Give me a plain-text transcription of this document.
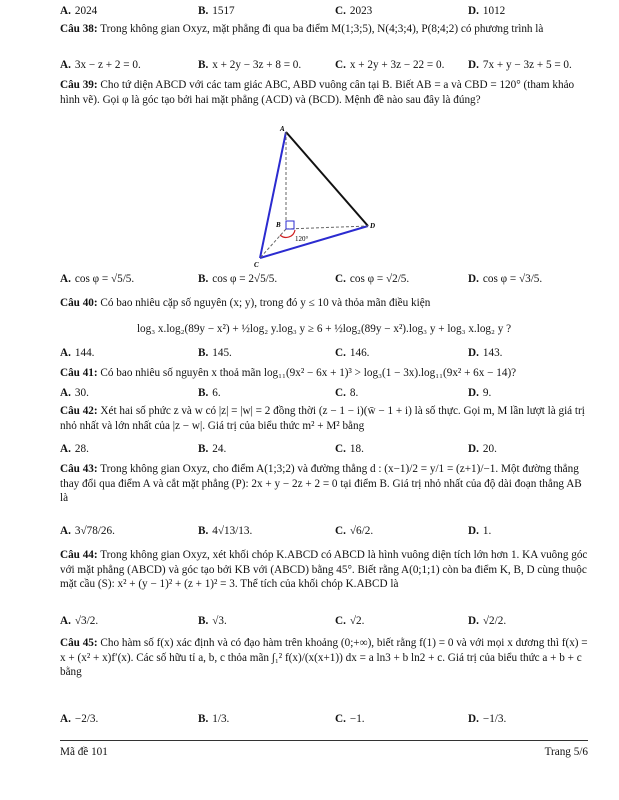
A. 2024	B. 1517	C. 2023	D. 1012
Câu 38: Trong không gian Oxyz, mặt phẳng đi qua ba điểm M(1;3;5), N(4;3;4), P(8;4;2) có phương trình là
A. 3x − z + 2 = 0.	B. x + 2y − 3z + 8 = 0.	C. x + 2y + 3z − 22 = 0. D. 7x + y − 3z + 5 = 0.
Câu 39: Cho tứ diện ABCD với các tam giác ABC, ABD vuông cân tại B. Biết AB = a và CBD = 120° (tham khảo hình vẽ). Gọi φ là góc tạo bởi hai mặt phẳng (ACD) và (BCD). Mệnh đề nào sau đây là đúng?
A
B
C
D
120°
A. cos φ = √5/5.	B. cos φ = 2√5/5.	C. cos φ = √2/5.	D. cos φ = √3/5.
Câu 40: Có bao nhiêu cặp số nguyên (x; y), trong đó y ≤ 10 và thỏa mãn điều kiện
log₃ x.log₂(89y − x²) + ½log₂ y.log₃ y ≥ 6 + ½log₂(89y − x²).log₃ y + log₃ x.log₂ y ?
A. 144.	B. 145.	C. 146.	D. 143.
Câu 41: Có bao nhiêu số nguyên x thoả mãn log₁₁(9x² − 6x + 1)³ > log₃(1 − 3x).log₁₁(9x² + 6x − 14)?
A. 30.	B. 6.	C. 8.	D. 9.
Câu 42: Xét hai số phức z và w có |z| = |w| = 2 đồng thời (z − 1 − i)(w̄ − 1 + i) là số thực. Gọi m, M lần lượt là giá trị nhỏ nhất và lớn nhất của |z − w|. Giá trị của biểu thức m² + M² bằng
A. 28.	B. 24.	C. 18.	D. 20.
Câu 43: Trong không gian Oxyz, cho điểm A(1;3;2) và đường thẳng d : (x−1)/2 = y/1 = (z+1)/−1. Một đường thẳng thay đổi qua điểm A và cắt mặt phẳng (P): 2x + y − 2z + 2 = 0 tại điểm B. Giá trị nhỏ nhất của độ dài đoạn thẳng AB là
A. 3√78/26.	B. 4√13/13.	C. √6/2.	D. 1.
Câu 44: Trong không gian Oxyz, xét khối chóp K.ABCD có ABCD là hình vuông diện tích lớn hơn 1. KA vuông góc với mặt phẳng (ABCD) và góc tạo bởi KB với (ABCD) bằng 45°. Biết rằng A(0;1;1) còn ba điểm K, B, D cùng thuộc mặt cầu (S): x² + (y − 1)² + (z + 1)² = 3. Thể tích của khối chóp K.ABCD là
A. √3/2.	B. √3.	C. √2.	D. √2/2.
Câu 45: Cho hàm số f(x) xác định và có đạo hàm trên khoảng (0;+∞), biết rằng f(1) = 0 và với mọi x dương thì f(x) = x + (x² + x)f′(x). Các số hữu tỉ a, b, c thỏa mãn ∫₁² f(x)/(x(x+1)) dx = a ln3 + b ln2 + c. Giá trị của biểu thức a + b + c bằng
A. −2/3.	B. 1/3.	C. −1.	D. −1/3.
Mã đề 101	Trang 5/6
